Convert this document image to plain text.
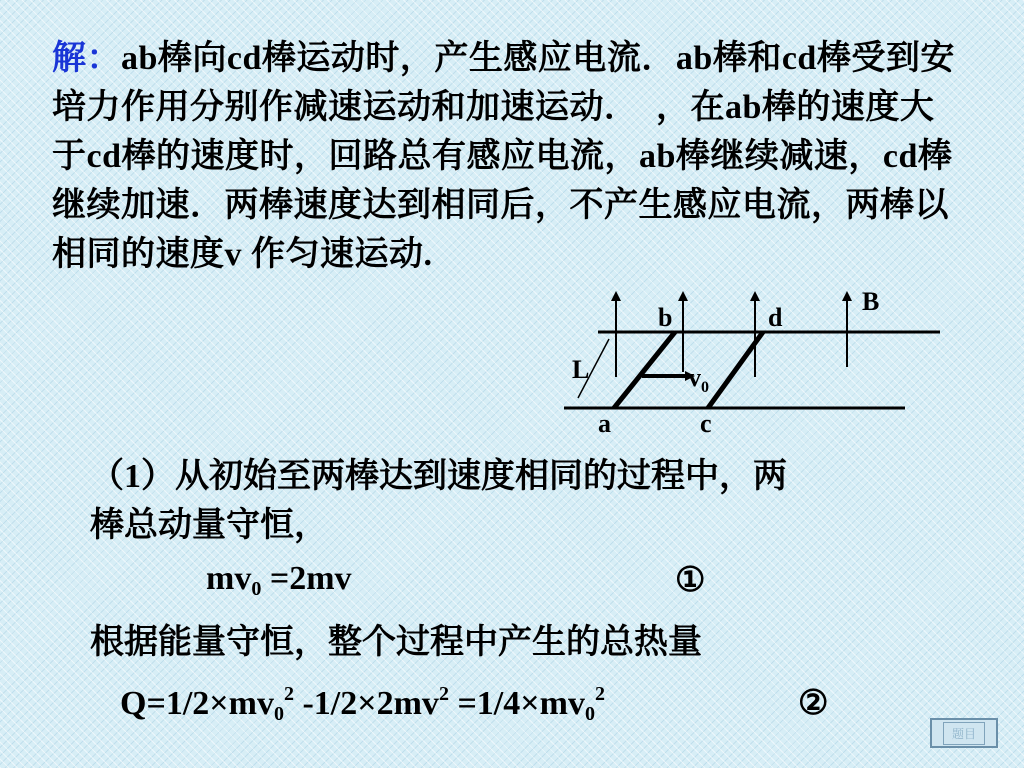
解：ab棒向cd棒运动时，产生感应电流．ab棒和cd棒受到安培力作用分别作减速运动和加速运动．　，在ab棒的速度大于cd棒的速度时，回路总有感应电流，ab棒继续减速，cd棒继续加速．两棒速度达到相同后，不产生感应电流，两棒以相同的速度v 作匀速运动.

b	d
B
L	$v_0$
a	c
（1）从初始至两棒达到速度相同的过程中，两
棒总动量守恒，
$mv_0 =2mv$	①
根据能量守恒，整个过程中产生的总热量
$Q=1/2\times mv_0^2$ $-1/2\times 2mv^2 =1/4\times mv_0^2$	②
题目
